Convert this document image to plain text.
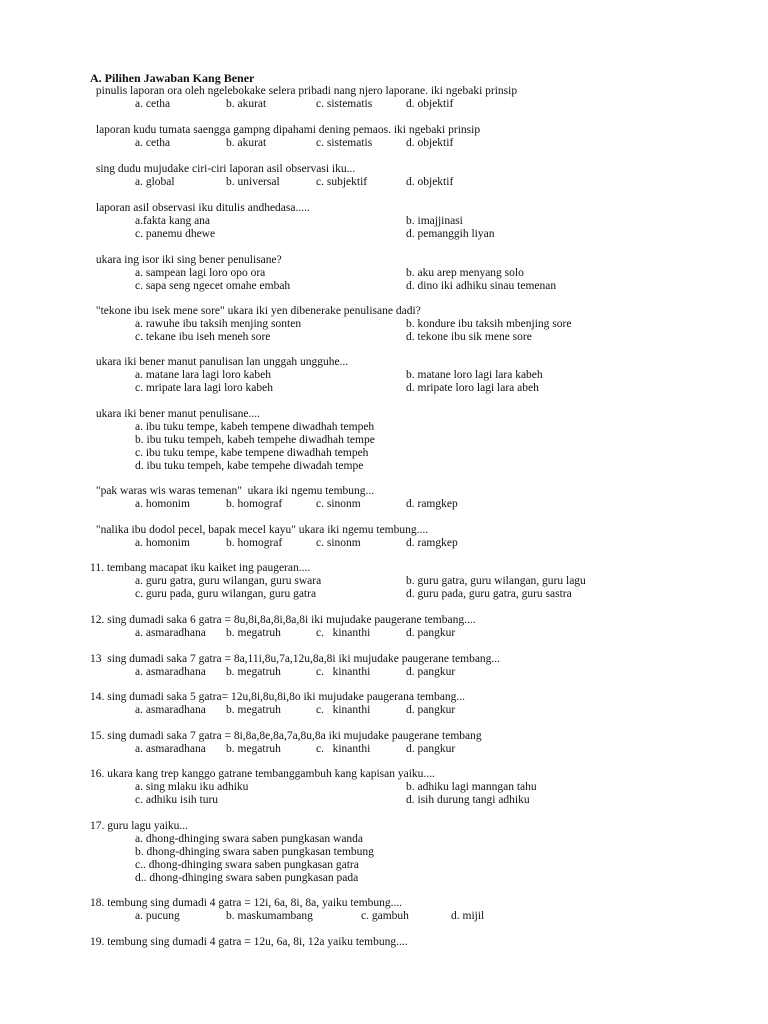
A. Pilihen Jawaban Kang Bener
pinulis laporan ora oleh ngelebokake selera pribadi nang njero laporane. iki ngebaki prinsip
a. cetha	b. akurat	c. sistematis	d. objektif
laporan kudu tumata saengga gampng dipahami dening pemaos. iki ngebaki prinsip
a. cetha	b. akurat	c. sistematis	d. objektif
sing dudu mujudake ciri-ciri laporan asil observasi iku...
a. global	b. universal	c. subjektif	d. objektif
laporan asil observasi iku ditulis andhedasa.....
a.fakta kang ana	b. imajjinasi
c. panemu dhewe	d. pemanggih liyan
ukara ing isor iki sing bener penulisane?
a. sampean lagi loro opo ora	b. aku arep menyang solo
c. sapa seng ngecet omahe embah	d. dino iki adhiku sinau temenan
"tekone ibu isek mene sore" ukara iki yen dibenerake penulisane dadi?
a. rawuhe ibu taksih menjing sonten	b. kondure ibu taksih mbenjing sore
c. tekane ibu iseh meneh sore	d. tekone ibu sik mene sore
ukara iki bener manut panulisan lan unggah ungguhe...
a. matane lara lagi loro kabeh	b. matane loro lagi lara kabeh
c. mripate lara lagi loro kabeh	d. mripate loro lagi lara abeh
ukara iki bener manut penulisane....
a. ibu tuku tempe, kabeh tempene diwadhah tempeh
b. ibu tuku tempeh, kabeh tempehe diwadhah tempe
c. ibu tuku tempe, kabe tempene diwadhah tempeh
d. ibu tuku tempeh, kabe tempehe diwadah tempe
"pak waras wis waras temenan"  ukara iki ngemu tembung...
a. homonim	b. homograf	c. sinonm	d. ramgkep
"nalika ibu dodol pecel, bapak mecel kayu" ukara iki ngemu tembung....
a. homonim	b. homograf	c. sinonm	d. ramgkep
11. tembang macapat iku kaiket ing paugeran....
a. guru gatra, guru wilangan, guru swara	b. guru gatra, guru wilangan, guru lagu
c. guru pada, guru wilangan, guru gatra	d. guru pada, guru gatra, guru sastra
12. sing dumadi saka 6 gatra = 8u,8i,8a,8i,8a,8i iki mujudake paugerane tembang....
a. asmaradhana b. megatruh	c.   kinanthi	d. pangkur
13  sing dumadi saka 7 gatra = 8a,11i,8u,7a,12u,8a,8i iki mujudake paugerane tembang...
a. asmaradhana b. megatruh	c.   kinanthi	d. pangkur
14. sing dumadi saka 5 gatra= 12u,8i,8u,8i,8o iki mujudake paugerana tembang...
a. asmaradhana b. megatruh	c.   kinanthi	d. pangkur
15. sing dumadi saka 7 gatra = 8i,8a,8e,8a,7a,8u,8a iki mujudake paugerane tembang
a. asmaradhana b. megatruh	c.   kinanthi	d. pangkur
16. ukara kang trep kanggo gatrane tembanggambuh kang kapisan yaiku....
a. sing mlaku iku adhiku	b. adhiku lagi manngan tahu
c. adhiku isih turu	d. isih durung tangi adhiku
17. guru lagu yaiku...
a. dhong-dhinging swara saben pungkasan wanda
b. dhong-dhinging swara saben pungkasan tembung
c.. dhong-dhinging swara saben pungkasan gatra
d.. dhong-dhinging swara saben pungkasan pada
18. tembung sing dumadi 4 gatra = 12i, 6a, 8i, 8a, yaiku tembung....
a. pucung	b. maskumambang	c. gambuh	d. mijil
19. tembung sing dumadi 4 gatra = 12u, 6a, 8i, 12a yaiku tembung....
